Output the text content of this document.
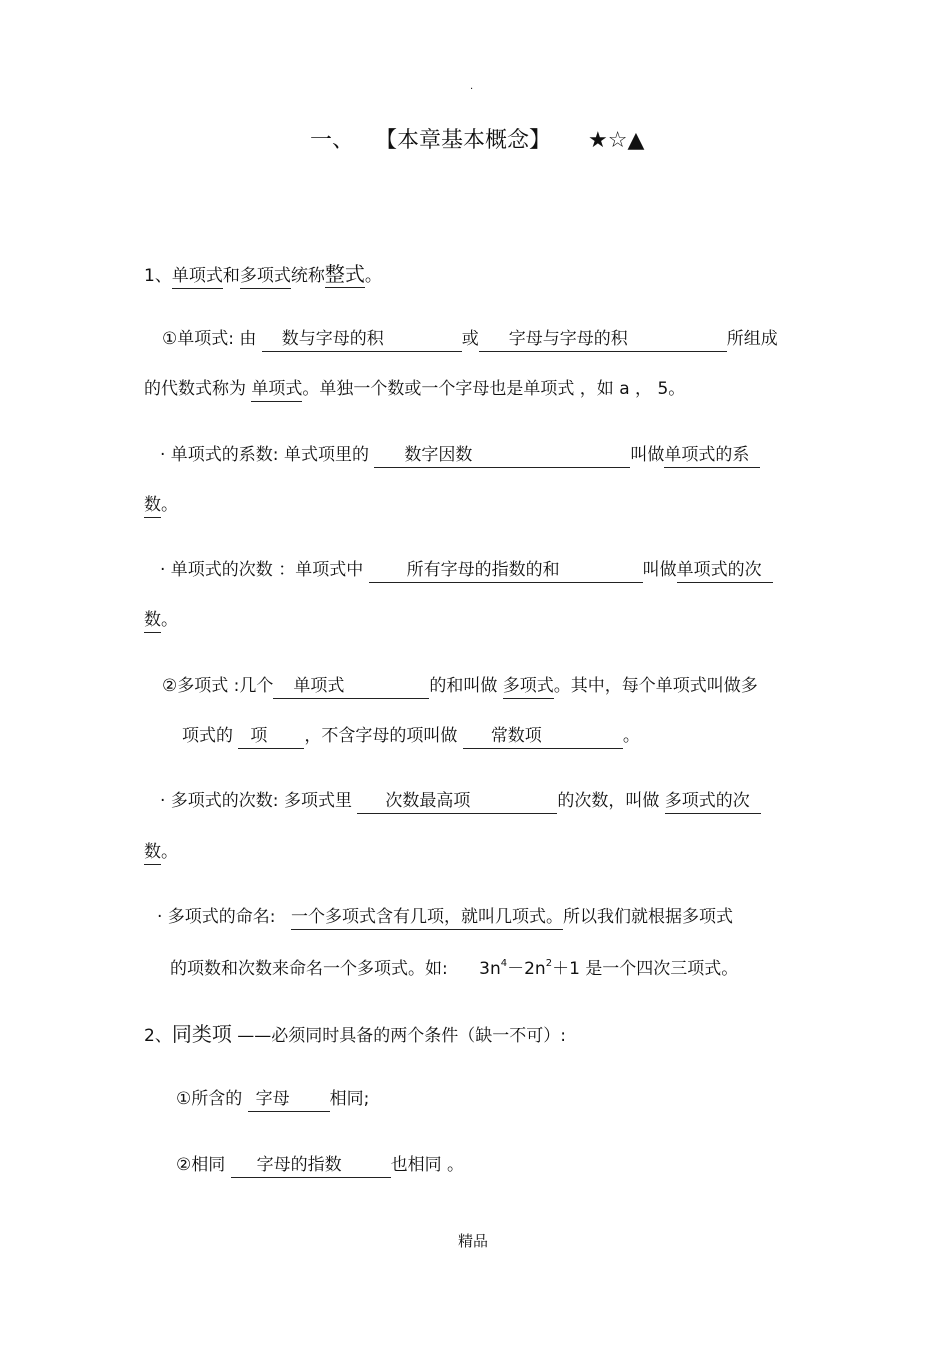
.
一、 【本章基本概念】 ★☆▲
1、单项式和多项式统称整式。
①单项式: 由 数与字母的积	或 字母与字母的积	所组成
的代数式称为 单项式。单独一个数或一个字母也是单项式 ，如 a ， 5。
· 单项式的系数: 单式项里的 数字因数	叫做单项式的系
数。
· 单项式的次数 ：单项式中	所有字母的指数的和	叫做单项式的次
数。
②多项式 :几个 单项式	的和叫做 多项式。其中，每个单项式叫做多
项式的 项 ，不含字母的项叫做 常数项	。
· 多项式的次数: 多项式里 次数最高项	的次数，叫做 多项式的次
数。
· 多项式的命名: 一个多项式含有几项，就叫几项式。所以我们就根据多项式
的项数和次数来命名一个多项式。如: $3n^4-2n^2+1$ 是一个四次三项式。
2、同类项 ——必须同时具备的两个条件（缺一不可）:
①所含的 字母 相同;
②相同 字母的指数	也相同 。
精品
